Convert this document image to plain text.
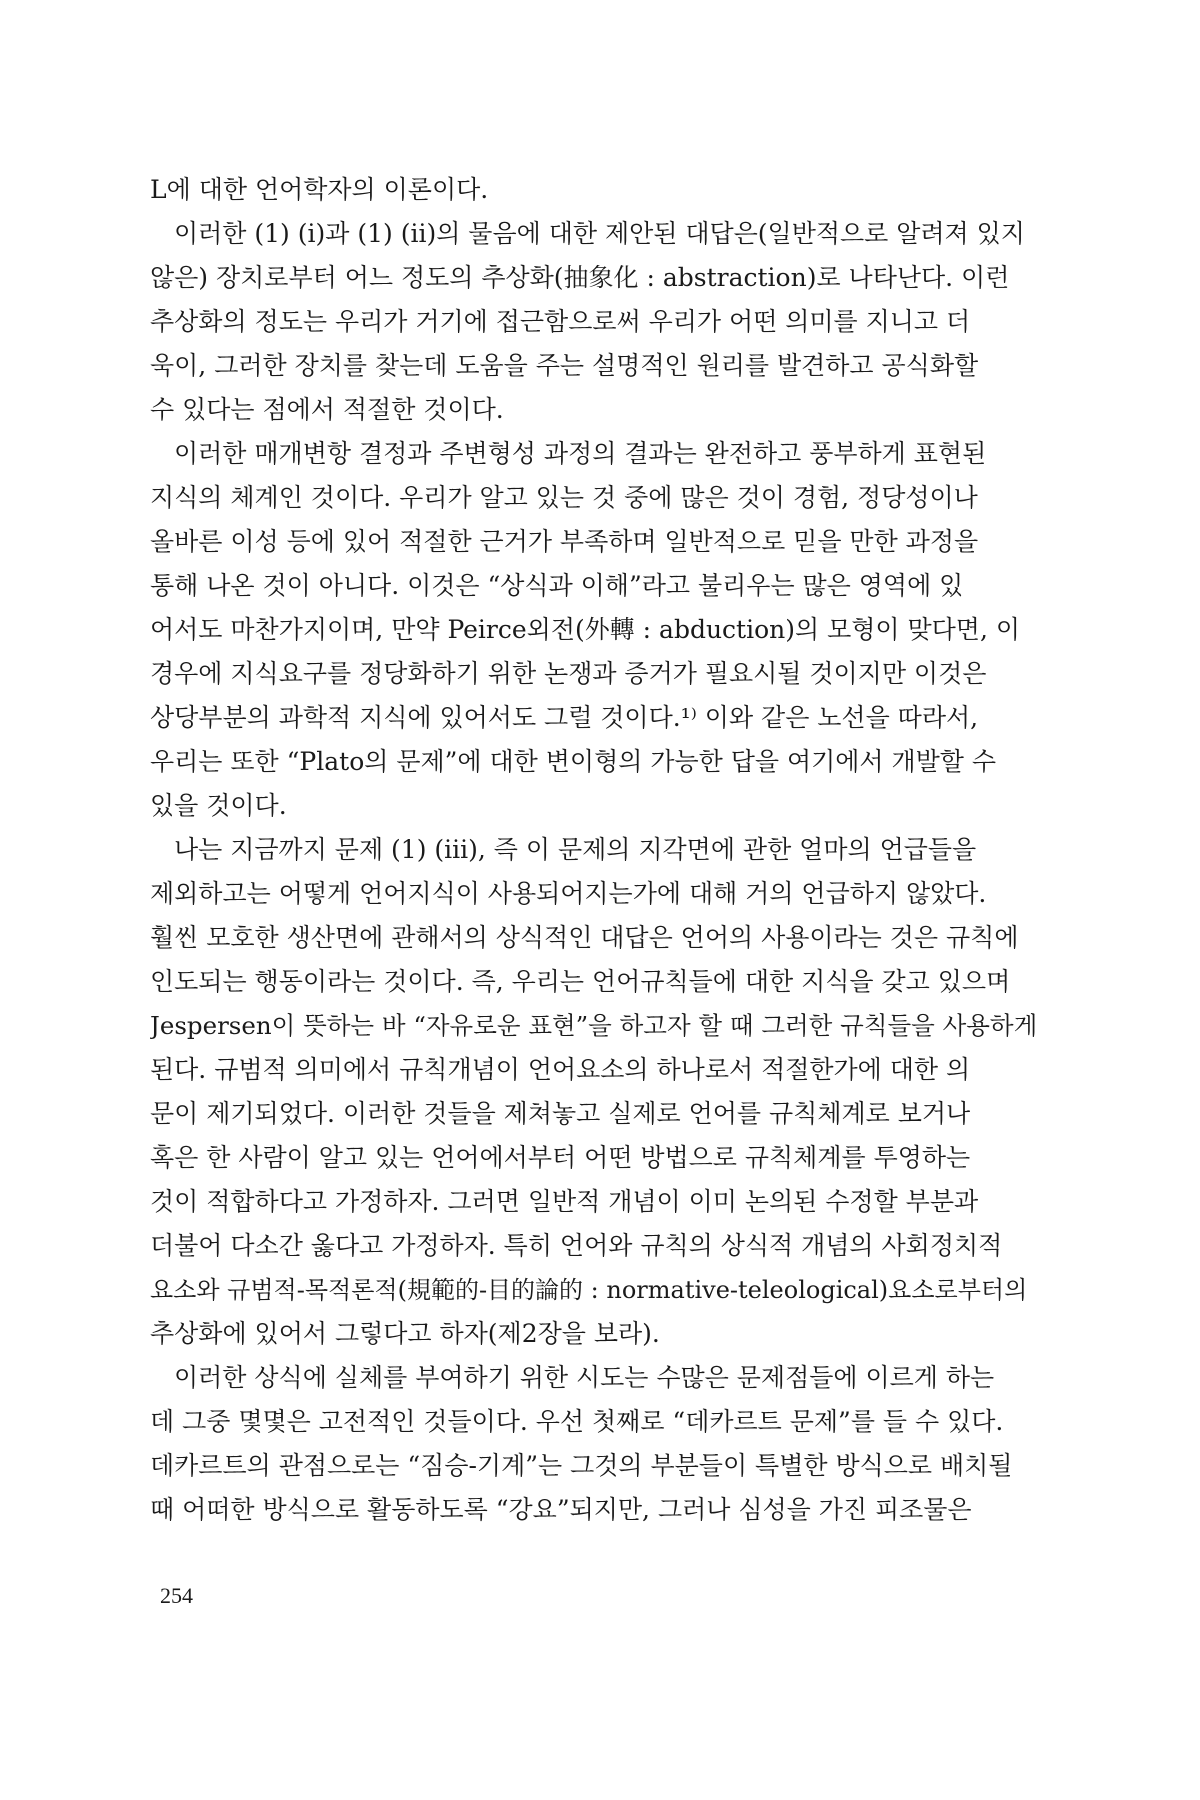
L에 대한 언어학자의 이론이다.
이러한 (1) (i)과 (1) (ii)의 물음에 대한 제안된 대답은(일반적으로 알려져 있지
않은) 장치로부터 어느 정도의 추상화(抽象化 : abstraction)로 나타난다. 이런
추상화의 정도는 우리가 거기에 접근함으로써 우리가 어떤 의미를 지니고 더
욱이, 그러한 장치를 찾는데 도움을 주는 설명적인 원리를 발견하고 공식화할
수 있다는 점에서 적절한 것이다.
이러한 매개변항 결정과 주변형성 과정의 결과는 완전하고 풍부하게 표현된
지식의 체계인 것이다. 우리가 알고 있는 것 중에 많은 것이 경험, 정당성이나
올바른 이성 등에 있어 적절한 근거가 부족하며 일반적으로 믿을 만한 과정을
통해 나온 것이 아니다. 이것은 “상식과 이해”라고 불리우는 많은 영역에 있
어서도 마찬가지이며, 만약 Peirce외전(外轉 : abduction)의 모형이 맞다면, 이
경우에 지식요구를 정당화하기 위한 논쟁과 증거가 필요시될 것이지만 이것은
상당부분의 과학적 지식에 있어서도 그럴 것이다.¹⁾ 이와 같은 노선을 따라서,
우리는 또한 “Plato의 문제”에 대한 변이형의 가능한 답을 여기에서 개발할 수
있을 것이다.
나는 지금까지 문제 (1) (iii), 즉 이 문제의 지각면에 관한 얼마의 언급들을
제외하고는 어떻게 언어지식이 사용되어지는가에 대해 거의 언급하지 않았다.
훨씬 모호한 생산면에 관해서의 상식적인 대답은 언어의 사용이라는 것은 규칙에
인도되는 행동이라는 것이다. 즉, 우리는 언어규칙들에 대한 지식을 갖고 있으며
Jespersen이 뜻하는 바 “자유로운 표현”을 하고자 할 때 그러한 규칙들을 사용하게
된다. 규범적 의미에서 규칙개념이 언어요소의 하나로서 적절한가에 대한 의
문이 제기되었다. 이러한 것들을 제쳐놓고 실제로 언어를 규칙체계로 보거나
혹은 한 사람이 알고 있는 언어에서부터 어떤 방법으로 규칙체계를 투영하는
것이 적합하다고 가정하자. 그러면 일반적 개념이 이미 논의된 수정할 부분과
더불어 다소간 옳다고 가정하자. 특히 언어와 규칙의 상식적 개념의 사회정치적
요소와 규범적-목적론적(規範的-目的論的 : normative-teleological)요소로부터의
추상화에 있어서 그렇다고 하자(제2장을 보라).
이러한 상식에 실체를 부여하기 위한 시도는 수많은 문제점들에 이르게 하는
데 그중 몇몇은 고전적인 것들이다. 우선 첫째로 “데카르트 문제”를 들 수 있다.
데카르트의 관점으로는 “짐승-기계”는 그것의 부분들이 특별한 방식으로 배치될
때 어떠한 방식으로 활동하도록 “강요”되지만, 그러나 심성을 가진 피조물은
254
